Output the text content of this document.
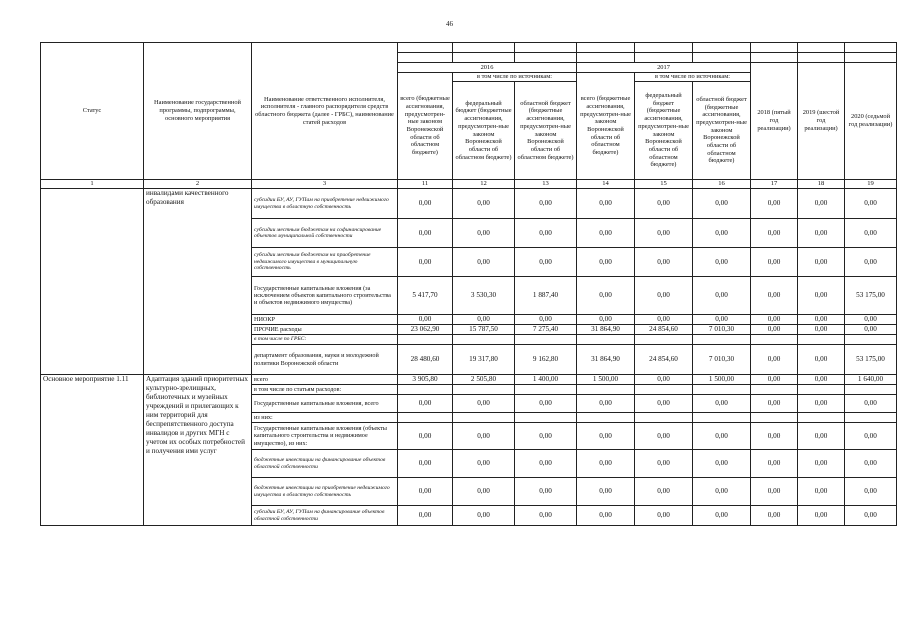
46
Статус	Наименование государственной программы, подпрограммы, основного мероприятия	Наименование ответственного исполнителя, исполнителя - главного распорядителя средств областного бюджета (далее - ГРБС), наименование статей расходов									

			2016			2017			2018 (пятый год реализации)	2019 (шестой год реализации)	2020 (седьмой год реализации)
			всего (бюджетные ассигнования, предусмотрен-ные законом Воронежской области об областном бюджете)	в том числе по источникам:		всего (бюджетные ассигнования, предусмотрен-ные законом Воронежской области об областном бюджете)	в том числе по источникам:				
				федеральный бюджет (бюджетные ассигнования, предусмотрен-ные законом Воронежской области об областном бюджете)	областной бюджет (бюджетные ассигнования, предусмотрен-ные законом Воронежской области об областном бюджете)		федеральный бюджет (бюджетные ассигнования, предусмотрен-ные законом Воронежской области об областном бюджете)	областной бюджет (бюджетные ассигнования, предусмотрен-ные законом Воронежской области об областном бюджете)			
1	2	3	11	12	13	14	15	16	17	18	19
	инвалидами качественного образования	субсидии БУ, АУ, ГУПам на приобретение недвижимого имущества в областную собственность	0,00	0,00	0,00	0,00	0,00	0,00	0,00	0,00	0,00
		субсидии местным бюджетам на софинансирование объектов муниципальной собственности	0,00	0,00	0,00	0,00	0,00	0,00	0,00	0,00	0,00
		субсидии местным бюджетам на приобретение недвижимого имущества в муниципальную собственность	0,00	0,00	0,00	0,00	0,00	0,00	0,00	0,00	0,00
		Государственные капитальные вложения (за исключением объектов капитального строительства и объектов недвижимого имущества)	5 417,70	3 530,30	1 887,40	0,00	0,00	0,00	0,00	0,00	53 175,00
		НИОКР	0,00	0,00	0,00	0,00	0,00	0,00	0,00	0,00	0,00
		ПРОЧИЕ расходы	23 062,90	15 787,50	7 275,40	31 864,90	24 854,60	7 010,30	0,00	0,00	0,00
		в том числе по ГРБС:									
		департамент образования, науки и молодежной политики Воронежской области	28 480,60	19 317,80	9 162,80	31 864,90	24 854,60	7 010,30	0,00	0,00	53 175,00
Основное мероприятие 1.11	Адаптация зданий приоритетных культурно-зрелищных, библиотечных и музейных учреждений и прилегающих к ним территорий для беспрепятственного доступа инвалидов и других МГН с учетом их особых потребностей и получения ими услуг	всего	3 905,80	2 505,80	1 400,00	1 500,00	0,00	1 500,00	0,00	0,00	1 640,00
		в том числе по статьям расходов:									
		Государственные капитальные вложения, всего	0,00	0,00	0,00	0,00	0,00	0,00	0,00	0,00	0,00
		из них:									
		Государственные капитальные вложения (объекты капитального строительства и недвижимое имущество), из них:	0,00	0,00	0,00	0,00	0,00	0,00	0,00	0,00	0,00
		бюджетные инвестиции на финансирование объектов областной собственности	0,00	0,00	0,00	0,00	0,00	0,00	0,00	0,00	0,00
		бюджетные инвестиции на приобретение недвижимого имущества в областную собственность	0,00	0,00	0,00	0,00	0,00	0,00	0,00	0,00	0,00
		субсидии БУ, АУ, ГУПам на финансирование объектов областной собственности	0,00	0,00	0,00	0,00	0,00	0,00	0,00	0,00	0,00
